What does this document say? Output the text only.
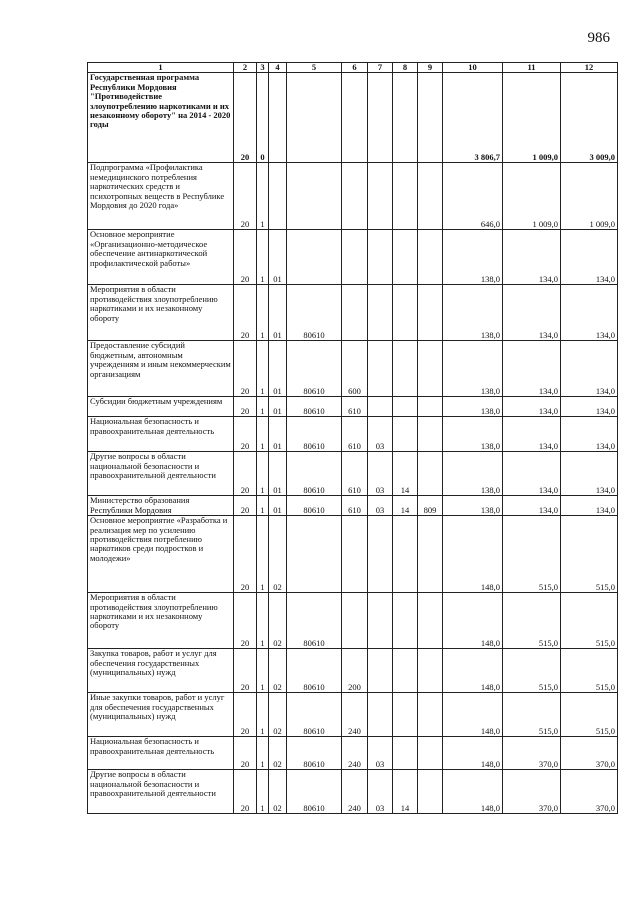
986
1	2	3	4	5	6	7	8	9	10	11	12
Государственная программа Республики Мордовия "Противодействие злоупотреблению наркотиками и их незаконному обороту" на 2014 - 2020 годы	20	0							3 806,7	1 009,0	3 009,0
Подпрограмма «Профилактика немедицинского потребления наркотических средств и психотропных веществ в Республике Мордовия до 2020 года»	20	1							646,0	1 009,0	1 009,0
Основное мероприятие «Организационно-методическое обеспечение антинаркотической профилактической работы»	20	1	01						138,0	134,0	134,0
Мероприятия в области противодействия злоупотреблению наркотиками и их незаконному обороту	20	1	01	80610					138,0	134,0	134,0
Предоставление субсидий бюджетным, автономным учреждениям и иным некоммерческим организациям	20	1	01	80610	600				138,0	134,0	134,0
Субсидии бюджетным учреждениям	20	1	01	80610	610				138,0	134,0	134,0
Национальная безопасность и правоохранительная деятельность	20	1	01	80610	610	03			138,0	134,0	134,0
Другие вопросы в области национальной безопасности и правоохранительной деятельности	20	1	01	80610	610	03	14		138,0	134,0	134,0
Министерство образования Республики Мордовия	20	1	01	80610	610	03	14	809	138,0	134,0	134,0
Основное мероприятие «Разработка и реализация мер по усилению противодействия потреблению наркотиков среди подростков и молодежи»	20	1	02						148,0	515,0	515,0
Мероприятия в области противодействия злоупотреблению наркотиками и их незаконному обороту	20	1	02	80610					148,0	515,0	515,0
Закупка товаров, работ и услуг для обеспечения государственных (муниципальных) нужд	20	1	02	80610	200				148,0	515,0	515,0
Иные закупки товаров, работ и услуг для обеспечения государственных (муниципальных) нужд	20	1	02	80610	240				148,0	515,0	515,0
Национальная безопасность и правоохранительная деятельность	20	1	02	80610	240	03			148,0	370,0	370,0
Другие вопросы в области национальной безопасности и правоохранительной деятельности	20	1	02	80610	240	03	14		148,0	370,0	370,0
